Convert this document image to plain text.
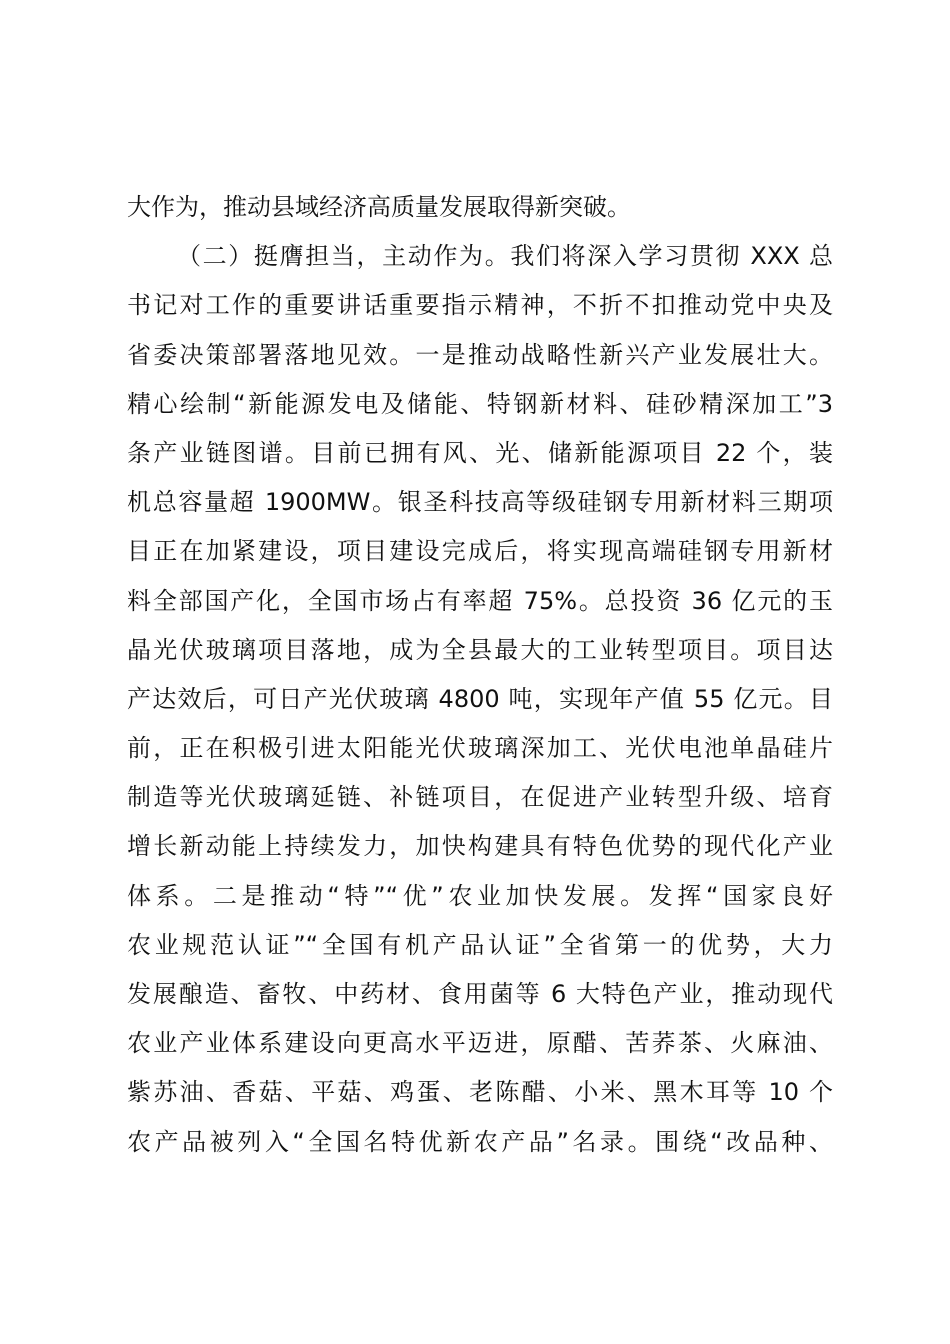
大作为，推动县域经济高质量发展取得新突破。
（二）挺膺担当，主动作为。我们将深入学习贯彻 XXX 总
书记对工作的重要讲话重要指示精神，不折不扣推动党中央及
省委决策部署落地见效。一是推动战略性新兴产业发展壮大。
精心绘制“新能源发电及储能、特钢新材料、硅砂精深加工”3
条产业链图谱。目前已拥有风、光、储新能源项目 22 个，装
机总容量超 1900MW。银圣科技高等级硅钢专用新材料三期项
目正在加紧建设，项目建设完成后，将实现高端硅钢专用新材
料全部国产化，全国市场占有率超 75%。总投资 36 亿元的玉
晶光伏玻璃项目落地，成为全县最大的工业转型项目。项目达
产达效后，可日产光伏玻璃 4800 吨，实现年产值 55 亿元。目
前，正在积极引进太阳能光伏玻璃深加工、光伏电池单晶硅片
制造等光伏玻璃延链、补链项目，在促进产业转型升级、培育
增长新动能上持续发力，加快构建具有特色优势的现代化产业
体系。二是推动“特”“优”农业加快发展。发挥“国家良好
农业规范认证”“全国有机产品认证”全省第一的优势，大力
发展酿造、畜牧、中药材、食用菌等 6 大特色产业，推动现代
农业产业体系建设向更高水平迈进，原醋、苦荞茶、火麻油、
紫苏油、香菇、平菇、鸡蛋、老陈醋、小米、黑木耳等 10 个
农产品被列入“全国名特优新农产品”名录。围绕“改品种、
